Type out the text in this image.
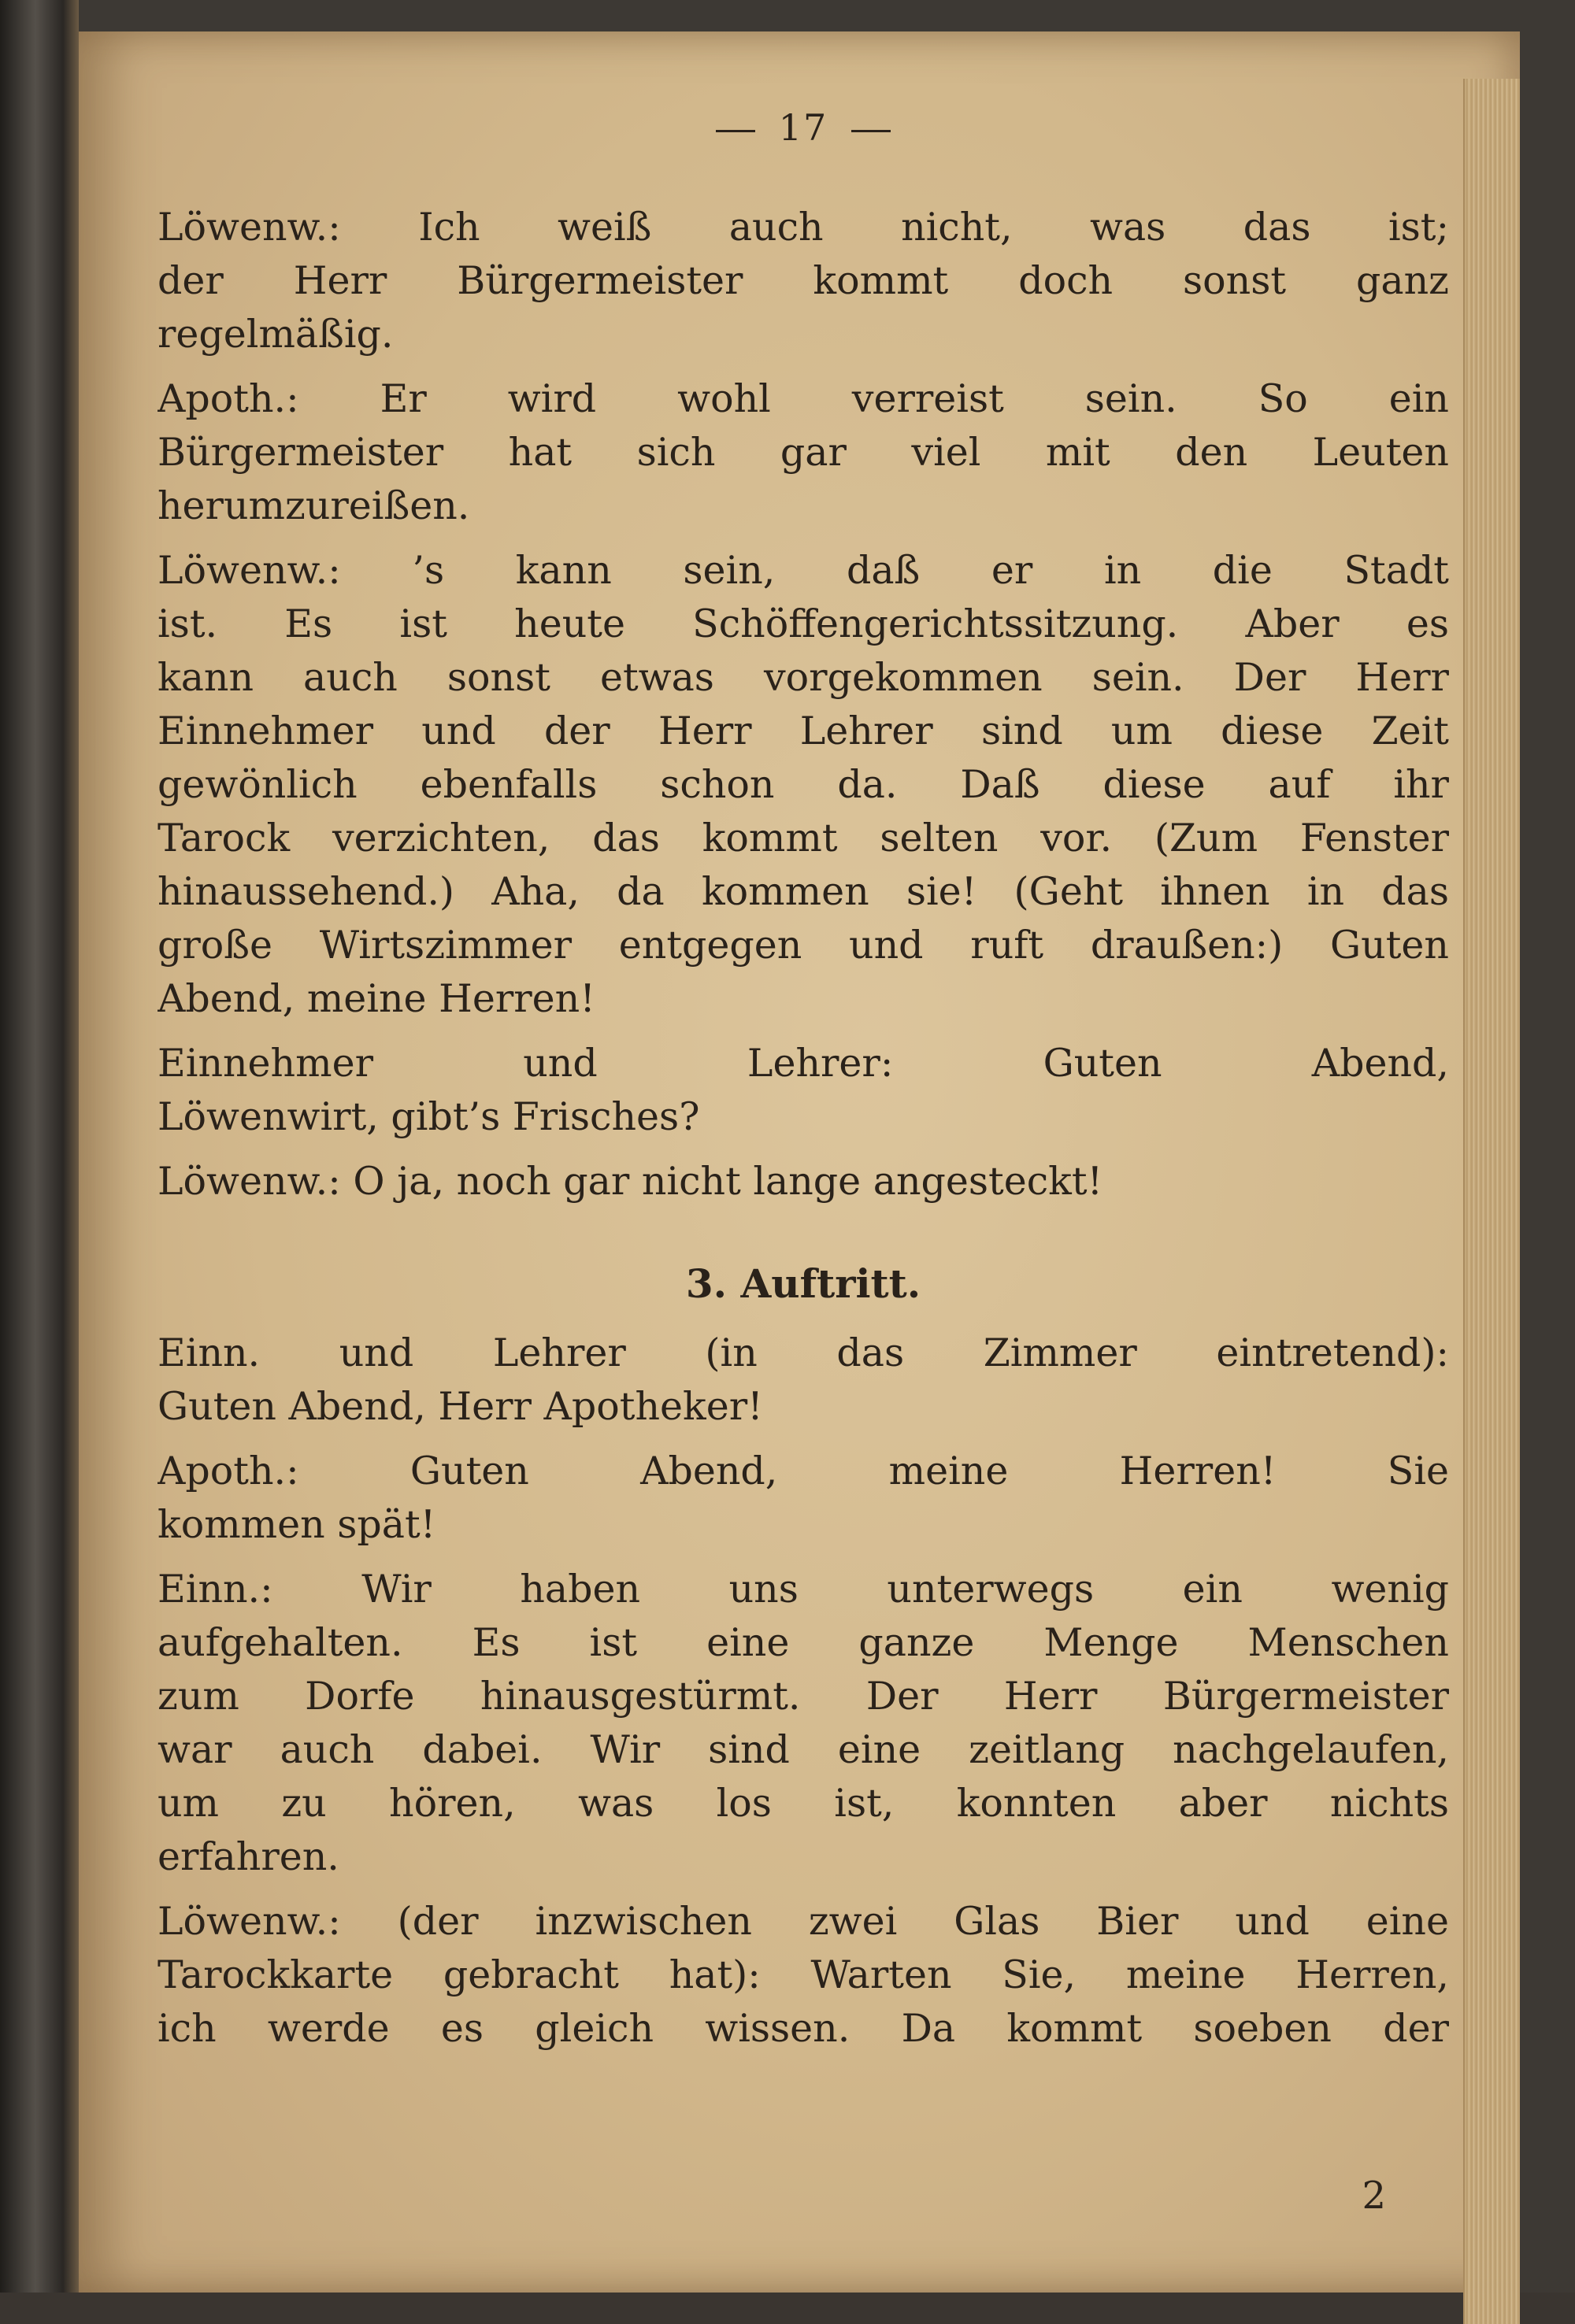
17
Löwenw.: Ich weiß auch nicht, was das ist;
der Herr Bürgermeister kommt doch sonst ganz
regelmäßig.
Apoth.: Er wird wohl verreist sein. So ein
Bürgermeister hat sich gar viel mit den Leuten
herumzureißen.
Löwenw.: ’s kann sein, daß er in die Stadt
ist. Es ist heute Schöffengerichtssitzung. Aber es
kann auch sonst etwas vorgekommen sein. Der Herr
Einnehmer und der Herr Lehrer sind um diese Zeit
gewönlich ebenfalls schon da. Daß diese auf ihr
Tarock verzichten, das kommt selten vor. (Zum Fenster
hinaussehend.) Aha, da kommen sie! (Geht ihnen in das
große Wirtszimmer entgegen und ruft draußen:) Guten
Abend, meine Herren!
Einnehmer und Lehrer: Guten Abend,
Löwenwirt, gibt’s Frisches?
Löwenw.: O ja, noch gar nicht lange angesteckt!
3. Auftritt.
Einn. und Lehrer (in das Zimmer eintretend):
Guten Abend, Herr Apotheker!
Apoth.: Guten Abend, meine Herren! Sie
kommen spät!
Einn.: Wir haben uns unterwegs ein wenig
aufgehalten. Es ist eine ganze Menge Menschen
zum Dorfe hinausgestürmt. Der Herr Bürgermeister
war auch dabei. Wir sind eine zeitlang nachgelaufen,
um zu hören, was los ist, konnten aber nichts
erfahren.
Löwenw.: (der inzwischen zwei Glas Bier und eine
Tarockkarte gebracht hat): Warten Sie, meine Herren,
ich werde es gleich wissen. Da kommt soeben der
2
